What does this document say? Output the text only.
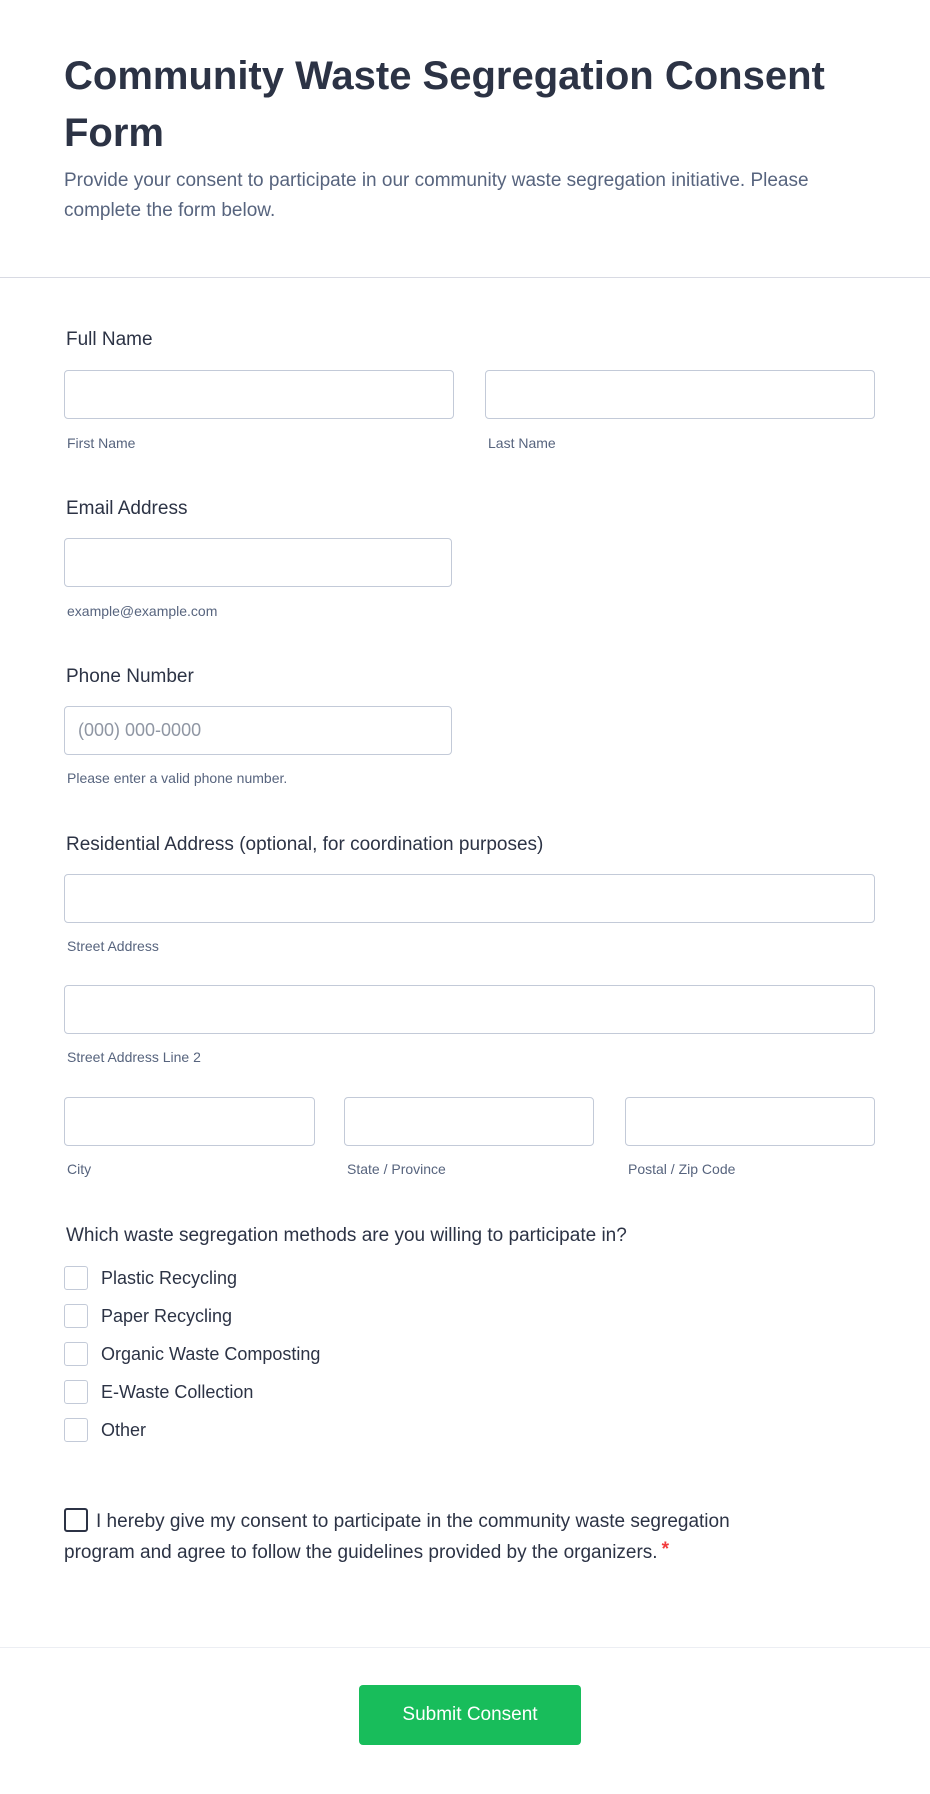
Community Waste Segregation Consent Form
Provide your consent to participate in our community waste segregation initiative. Please complete the form below.
Full Name
First Name	Last Name
Email Address
example@example.com
Phone Number
(000) 000-0000
Please enter a valid phone number.
Residential Address (optional, for coordination purposes)
Street Address
Street Address Line 2
City	State / Province	Postal / Zip Code
Which waste segregation methods are you willing to participate in?
Plastic Recycling
Paper Recycling
Organic Waste Composting
E-Waste Collection
Other
I hereby give my consent to participate in the community waste segregation program and agree to follow the guidelines provided by the organizers. *
Submit Consent
